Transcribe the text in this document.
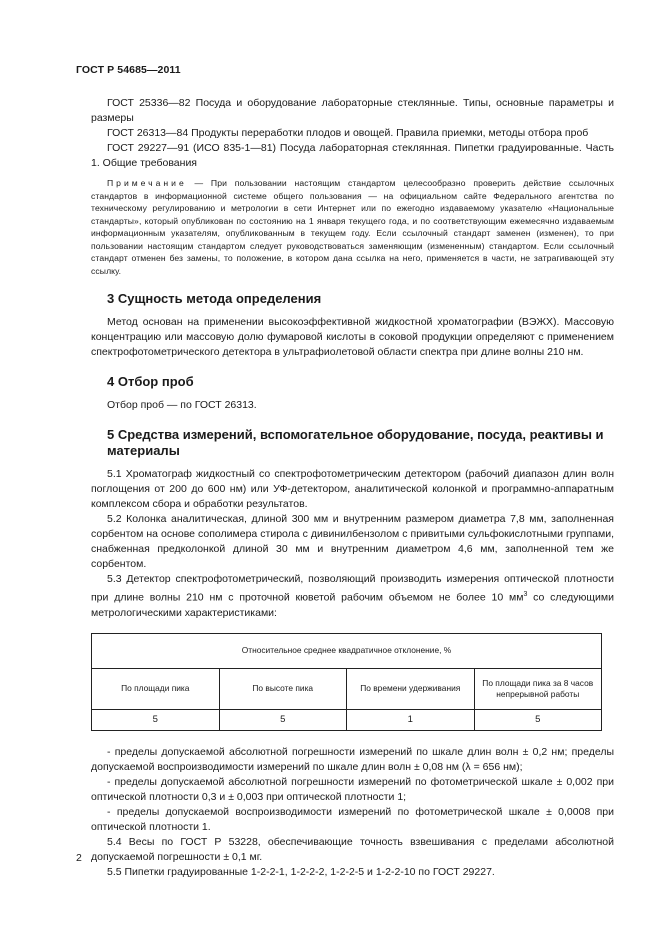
ГОСТ Р 54685—2011

ГОСТ 25336—82 Посуда и оборудование лабораторные стеклянные. Типы, основные параметры и размеры

ГОСТ 26313—84 Продукты переработки плодов и овощей. Правила приемки, методы отбора проб

ГОСТ 29227—91 (ИСО 835-1—81) Посуда лабораторная стеклянная. Пипетки градуированные. Часть 1. Общие требования

Примечание — При пользовании настоящим стандартом целесообразно проверить действие ссылочных стандартов в информационной системе общего пользования — на официальном сайте Федерального агентства по техническому регулированию и метрологии в сети Интернет или по ежегодно издаваемому указателю «Национальные стандарты», который опубликован по состоянию на 1 января текущего года, и по соответствующим ежемесячно издаваемым информационным указателям, опубликованным в текущем году. Если ссылочный стандарт заменен (изменен), то при пользовании настоящим стандартом следует руководствоваться заменяющим (измененным) стандартом. Если ссылочный стандарт отменен без замены, то положение, в котором дана ссылка на него, применяется в части, не затрагивающей эту ссылку.

3 Сущность метода определения

Метод основан на применении высокоэффективной жидкостной хроматографии (ВЭЖХ). Массовую концентрацию или массовую долю фумаровой кислоты в соковой продукции определяют с применением спектрофотометрического детектора в ультрафиолетовой области спектра при длине волны 210 нм.

4 Отбор проб

Отбор проб — по ГОСТ 26313.

5 Средства измерений, вспомогательное оборудование, посуда, реактивы и материалы

5.1 Хроматограф жидкостный со спектрофотометрическим детектором (рабочий диапазон длин волн поглощения от 200 до 600 нм) или УФ-детектором, аналитической колонкой и программно-аппаратным комплексом сбора и обработки результатов.

5.2 Колонка аналитическая, длиной 300 мм и внутренним размером диаметра 7,8 мм, заполненная сорбентом на основе сополимера стирола с дивинилбензолом с привитыми сульфокислотными группами, снабженная предколонкой длиной 30 мм и внутренним диаметром 4,6 мм, заполненной тем же сорбентом.

5.3 Детектор спектрофотометрический, позволяющий производить измерения оптической плотности при длине волны 210 нм с проточной кюветой рабочим объемом не более 10 $мм^3$ со следующими метрологическими характеристиками:

Относительное среднее квадратичное отклонение, %			
По площади пика	По высоте пика	По времени удерживания	По площади пика за 8 часов непрерывной работы
5	5	1	5

- пределы допускаемой абсолютной погрешности измерений по шкале длин волн ± 0,2 нм; пределы допускаемой воспроизводимости измерений по шкале длин волн ± 0,08 нм (λ = 656 нм);

- пределы допускаемой абсолютной погрешности измерений по фотометрической шкале ± 0,002 при оптической плотности 0,3 и ± 0,003 при оптической плотности 1;

- пределы допускаемой воспроизводимости измерений по фотометрической шкале ± 0,0008 при оптической плотности 1.

5.4 Весы по ГОСТ Р 53228, обеспечивающие точность взвешивания с пределами абсолютной допускаемой погрешности ± 0,1 мг.

5.5 Пипетки градуированные 1-2-2-1, 1-2-2-2, 1-2-2-5 и 1-2-2-10 по ГОСТ 29227.

2
